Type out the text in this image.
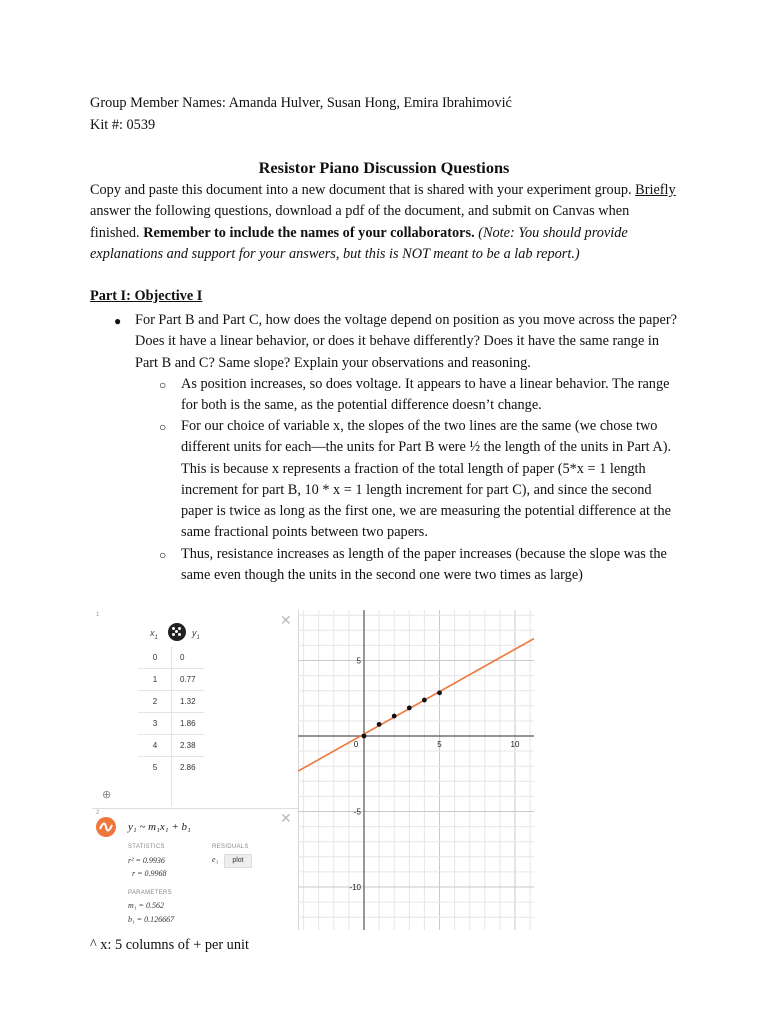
Group Member Names: Amanda Hulver, Susan Hong, Emira Ibrahimović
Kit #: 0539
Resistor Piano Discussion Questions
Copy and paste this document into a new document that is shared with your experiment group. Briefly answer the following questions, download a pdf of the document, and submit on Canvas when finished. Remember to include the names of your collaborators. (Note: You should provide explanations and support for your answers, but this is NOT meant to be a lab report.)
Part I: Objective I
● For Part B and Part C, how does the voltage depend on position as you move across the paper? Does it have a linear behavior, or does it behave differently? Does it have the same range in Part B and C? Same slope? Explain your observations and reasoning.
○ As position increases, so does voltage. It appears to have a linear behavior. The range for both is the same, as the potential difference doesn’t change.
○ For our choice of variable x, the slopes of the two lines are the same (we chose two different units for each—the units for Part B were ½ the length of the units in Part A). This is because x represents a fraction of the total length of paper (5*x = 1 length increment for part B, 10 * x = 1 length increment for part C), and since the second paper is twice as long as the first one, we are measuring the potential difference at the same fractional points between two papers.
○ Thus, resistance increases as length of the paper increases (because the slope was the same even though the units in the second one were two times as large)
1	✕
$x_1$	$y_1$
0	0
1	0.77
2	1.32
3	1.86
4	2.38
5	2.86
⊕
2	✕
y₁ ~ m₁x₁ + b₁
STATISTICS	RESIDUALS
r² = 0.9936
r = 0.9968
e₁	plot
PARAMETERS
m₁ = 0.562
b₁ = 0.126667
0	5	10
5
-5
-10
^ x: 5 columns of + per unit
